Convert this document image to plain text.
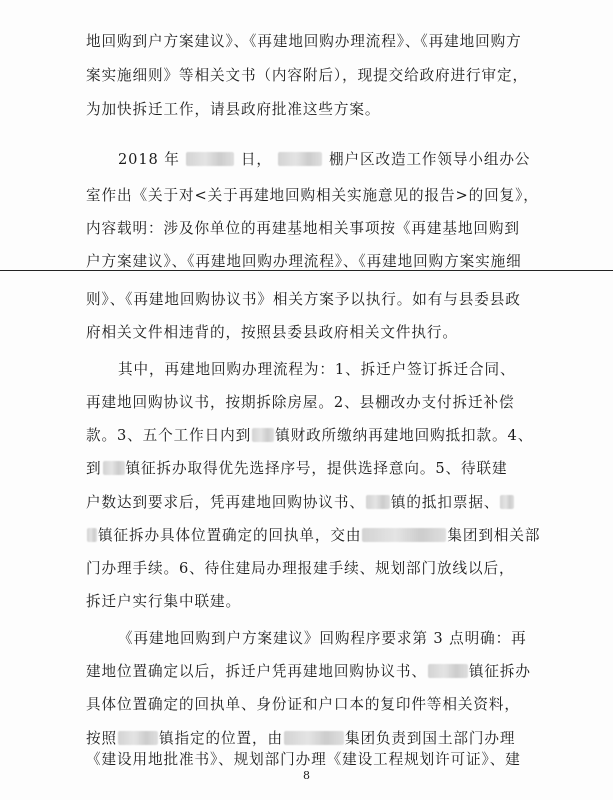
地回购到户方案建议》、《再建地回购办理流程》、《再建地回购方
案实施细则》等相关文书（内容附后），现提交给政府进行审定，
为加快拆迁工作，请县政府批准这些方案。
2018 年	日，	棚户区改造工作领导小组办公
室作出《关于对<关于再建地回购相关实施意见的报告>的回复》，
内容载明：涉及你单位的再建基地相关事项按《再建基地回购到
户方案建议》、《再建地回购办理流程》、《再建地回购方案实施细
则》、《再建地回购协议书》相关方案予以执行。如有与县委县政
府相关文件相违背的，按照县委县政府相关文件执行。
其中，再建地回购办理流程为：1、拆迁户签订拆迁合同、
再建地回购协议书，按期拆除房屋。2、县棚改办支付拆迁补偿
款。3、五个工作日内到 镇财政所缴纳再建地回购抵扣款。4、
到 镇征拆办取得优先选择序号，提供选择意向。5、待联建
户数达到要求后，凭再建地回购协议书、 镇的抵扣票据、
镇征拆办具体位置确定的回执单，交由	集团到相关部
门办理手续。6、待住建局办理报建手续、规划部门放线以后，
拆迁户实行集中联建。
《再建地回购到户方案建议》回购程序要求第 3 点明确：再
建地位置确定以后，拆迁户凭再建地回购协议书、	镇征拆办
具体位置确定的回执单、身份证和户口本的复印件等相关资料，
按照	镇指定的位置，由	集团负责到国土部门办理
《建设用地批准书》、规划部门办理《建设工程规划许可证》、建
8
